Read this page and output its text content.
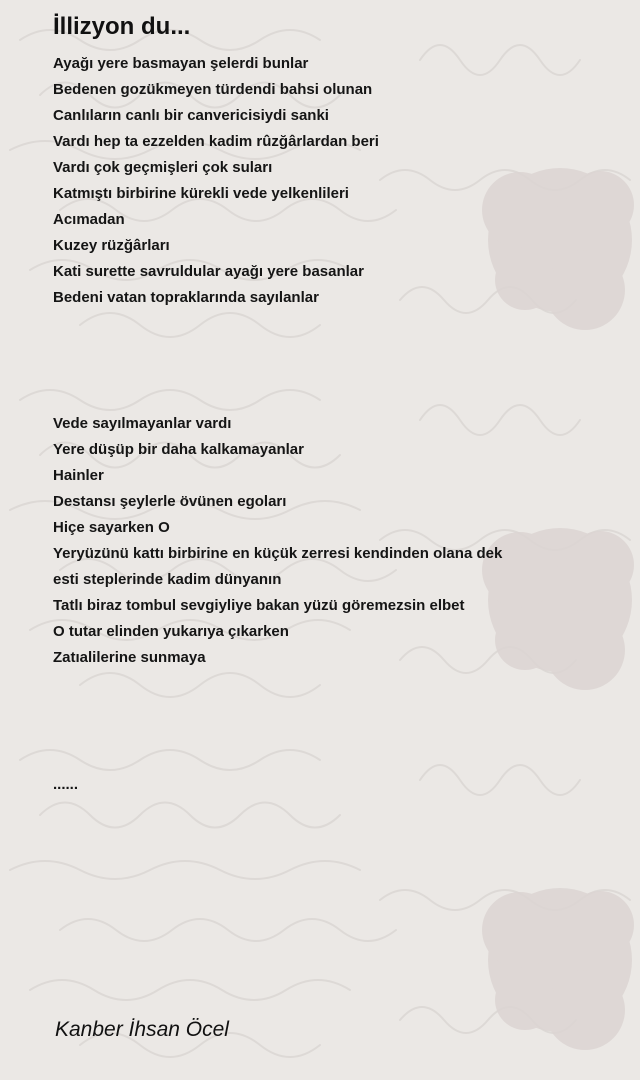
İllizyon du...
Ayağı yere basmayan şelerdi bunlar
Bedenen gozükmeyen türdendi bahsi olunan
Canlıların canlı bir canvericisiydi sanki
Vardı hep ta ezzelden kadim rûzğârlardan beri
Vardı çok geçmişleri çok suları
Katmıştı birbirine kürekli vede yelkenlileri
Acımadan
Kuzey rüzğârları
Kati surette savruldular ayağı yere basanlar
Bedeni vatan topraklarında sayılanlar
Vede sayılmayanlar vardı
Yere düşüp bir daha kalkamayanlar
Hainler
Destansı şeylerle övünen egoları
Hiçe sayarken O
Yeryüzünü kattı birbirine en küçük zerresi kendinden olana dek
esti steplerinde kadim dünyanın
Tatlı biraz tombul sevgiyliye bakan yüzü göremezsin elbet
O tutar elinden yukarıya çıkarken
Zatıalilerine sunmaya
......
Kanber İhsan Öcel
